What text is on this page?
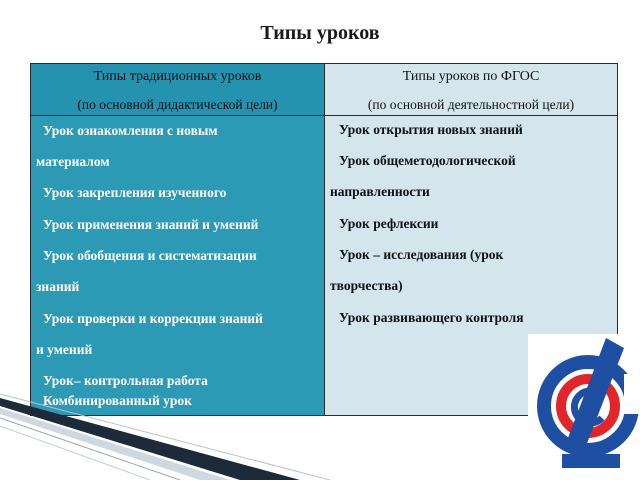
Типы уроков
Типы традиционных уроков
(по основной дидактической цели)
Урок ознакомления с новым
материалом
Урок закрепления изученного
Урок применения знаний и умений
Урок обобщения и систематизации
знаний
Урок проверки и коррекции знаний
и умений
Урок– контрольная работа
Комбинированный урок
Типы уроков по ФГОС
(по основной деятельностной цели)
Урок открытия новых знаний
Урок общеметодологической
направленности
Урок рефлексии
Урок – исследования (урок
творчества)
Урок развивающего контроля
